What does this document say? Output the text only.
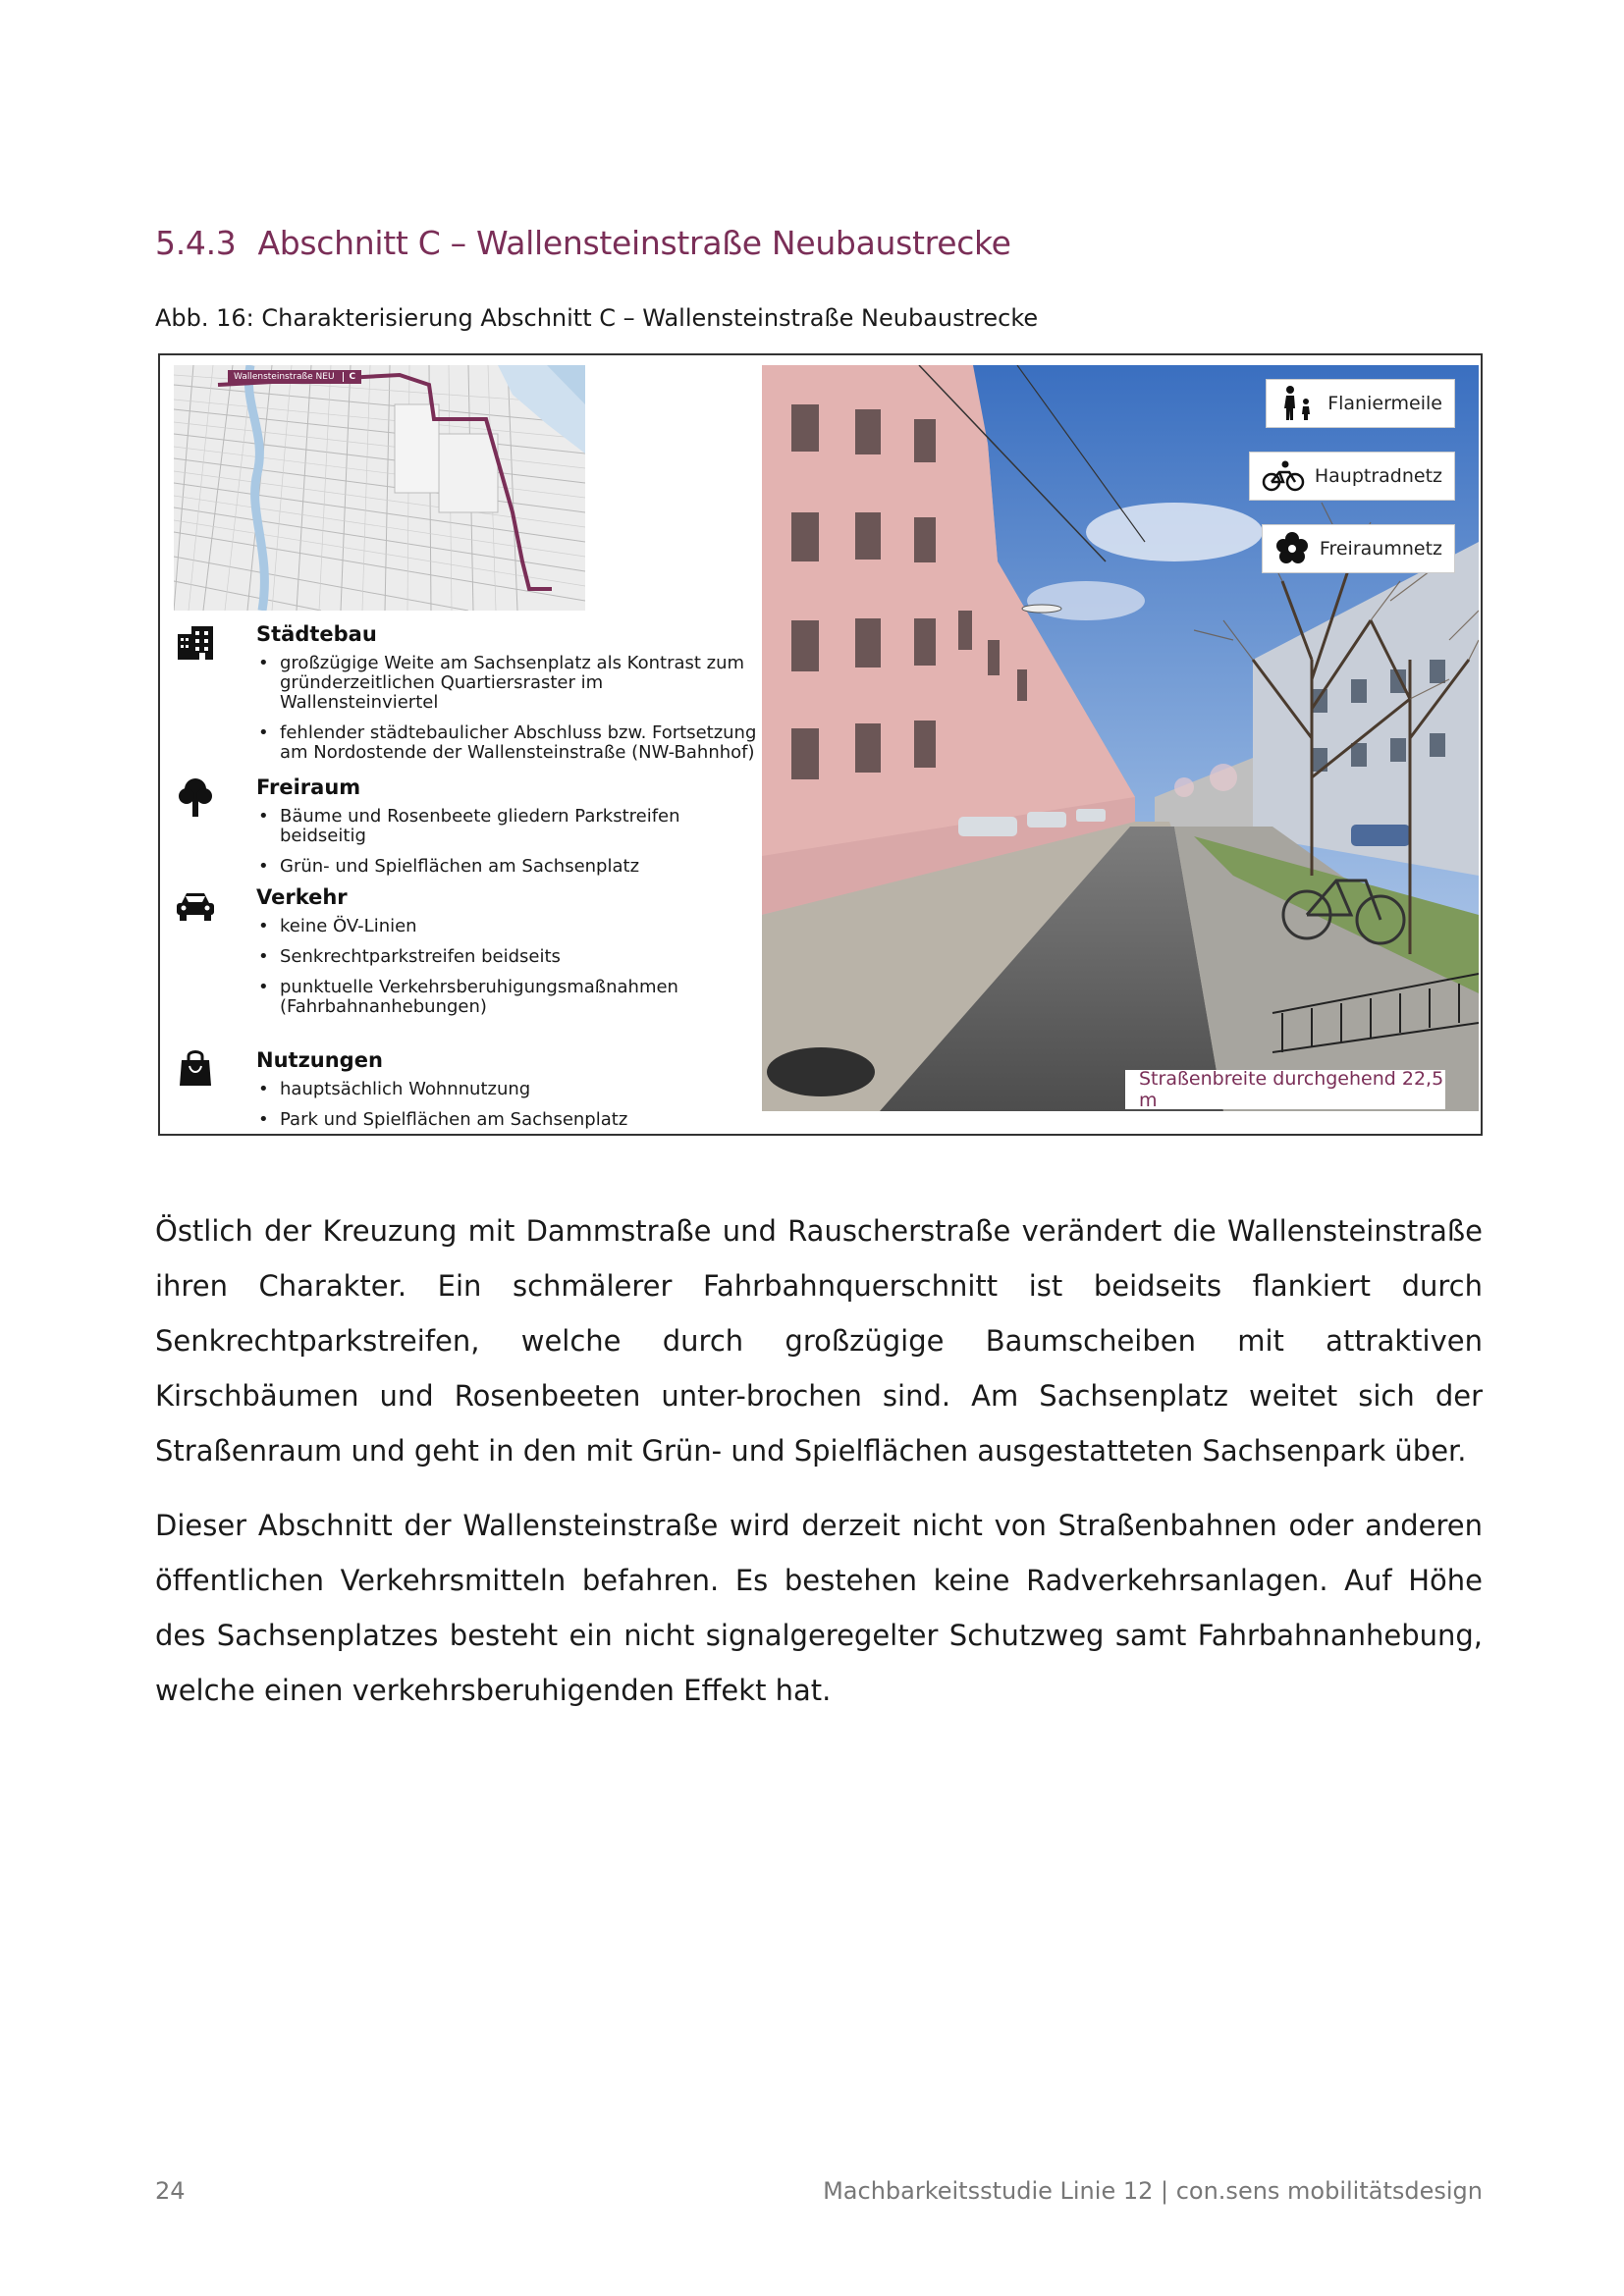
5.4.3 Abschnitt C – Wallensteinstraße Neubaustrecke
Abb. 16: Charakterisierung Abschnitt C – Wallensteinstraße Neubaustrecke
Wallensteinstraße NEU C
Städtebau
• großzügige Weite am Sachsenplatz als Kontrast zum gründerzeitlichen Quartiersraster im Wallensteinviertel
• fehlender städtebaulicher Abschluss bzw. Fortsetzung am Nordostende der Wallensteinstraße (NW-Bahnhof)
Freiraum
• Bäume und Rosenbeete gliedern Parkstreifen beidseitig
• Grün- und Spielflächen am Sachsenplatz
Verkehr
• keine ÖV-Linien
• Senkrechtparkstreifen beidseits
• punktuelle Verkehrsberuhigungsmaßnahmen (Fahrbahnanhebungen)
Nutzungen
• hauptsächlich Wohnnutzung
• Park und Spielflächen am Sachsenplatz
Flaniermeile
Hauptradnetz
Freiraumnetz
Straßenbreite durchgehend 22,5 m

Östlich der Kreuzung mit Dammstraße und Rauscherstraße verändert die Wallensteinstraße ihren Charakter. Ein schmälerer Fahrbahnquerschnitt ist beidseits flankiert durch Senkrechtparkstreifen, welche durch großzügige Baumscheiben mit attraktiven Kirschbäumen und Rosenbeeten unter-brochen sind. Am Sachsenplatz weitet sich der Straßenraum und geht in den mit Grün- und Spielflächen ausgestatteten Sachsenpark über.

Dieser Abschnitt der Wallensteinstraße wird derzeit nicht von Straßenbahnen oder anderen öffentlichen Verkehrsmitteln befahren. Es bestehen keine Radverkehrsanlagen. Auf Höhe des Sachsenplatzes besteht ein nicht signalgeregelter Schutzweg samt Fahrbahnanhebung, welche einen verkehrsberuhigenden Effekt hat.

24	Machbarkeitsstudie Linie 12 | con.sens mobilitätsdesign
